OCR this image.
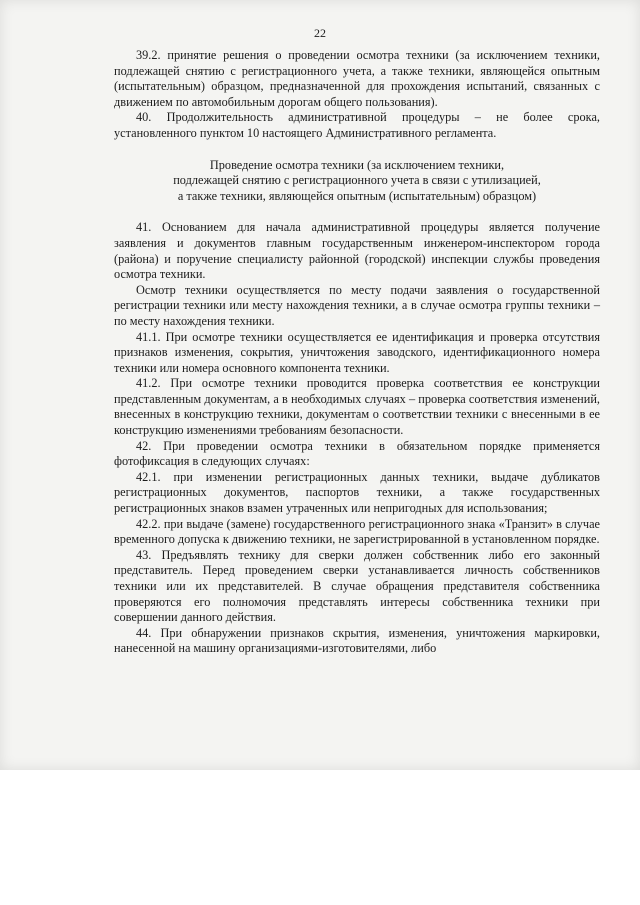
22

39.2. принятие решения о проведении осмотра техники (за исключением техники, подлежащей снятию с регистрационного учета, а также техники, являющейся опытным (испытательным) образцом, предназначенной для прохождения испытаний, связанных с движением по автомобильным дорогам общего пользования).

40. Продолжительность административной процедуры – не более срока, установленного пунктом 10 настоящего Административного регламента.

Проведение осмотра техники (за исключением техники,
подлежащей снятию с регистрационного учета в связи с утилизацией,
а также техники, являющейся опытным (испытательным) образцом)

41. Основанием для начала административной процедуры является получение заявления и документов главным государственным инженером-инспектором города (района) и поручение специалисту районной (городской) инспекции службы проведения осмотра техники.

Осмотр техники осуществляется по месту подачи заявления о государственной регистрации техники или месту нахождения техники, а в случае осмотра группы техники – по месту нахождения техники.

41.1. При осмотре техники осуществляется ее идентификация и проверка отсутствия признаков изменения, сокрытия, уничтожения заводского, идентификационного номера техники или номера основного компонента техники.

41.2. При осмотре техники проводится проверка соответствия ее конструкции представленным документам, а в необходимых случаях – проверка соответствия изменений, внесенных в конструкцию техники, документам о соответствии техники с внесенными в ее конструкцию изменениями требованиям безопасности.

42. При проведении осмотра техники в обязательном порядке применяется фотофиксация в следующих случаях:

42.1. при изменении регистрационных данных техники, выдаче дубликатов регистрационных документов, паспортов техники, а также государственных регистрационных знаков взамен утраченных или непригодных для использования;

42.2. при выдаче (замене) государственного регистрационного знака «Транзит» в случае временного допуска к движению техники, не зарегистрированной в установленном порядке.

43. Предъявлять технику для сверки должен собственник либо его законный представитель. Перед проведением сверки устанавливается личность собственников техники или их представителей. В случае обращения представителя собственника проверяются его полномочия представлять интересы собственника техники при совершении данного действия.

44. При обнаружении признаков скрытия, изменения, уничтожения маркировки, нанесенной на машину организациями-изготовителями, либо
